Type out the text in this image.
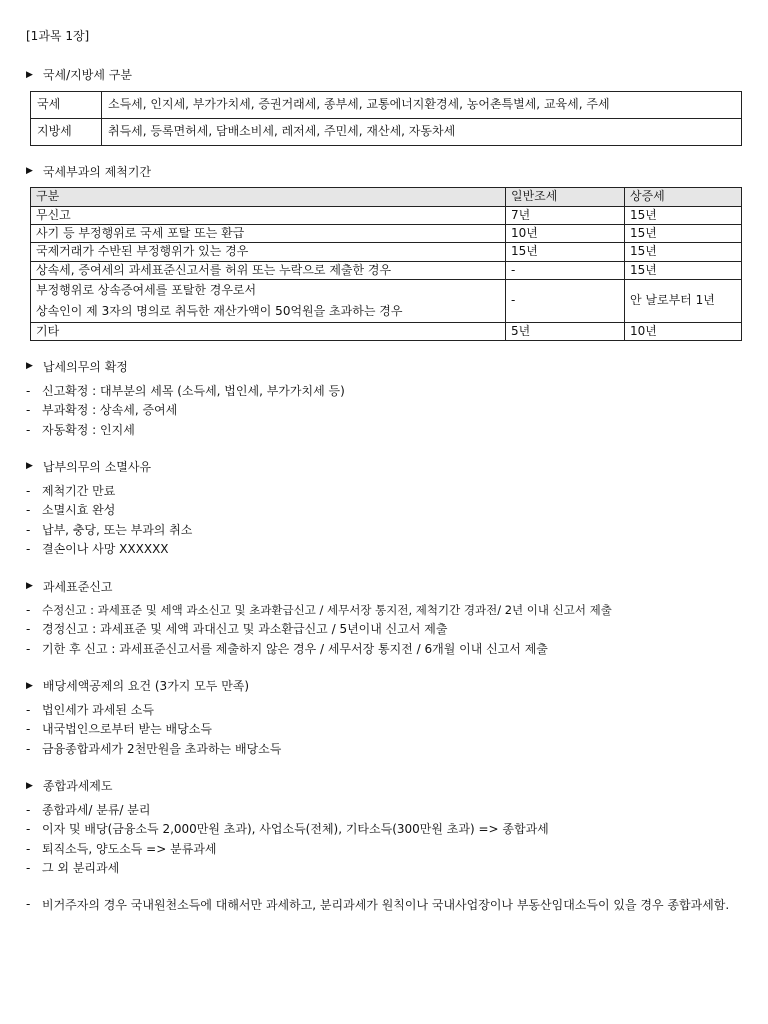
[1과목 1장]
▶ 국세/지방세 구분
국세	소득세, 인지세, 부가가치세, 증권거래세, 종부세, 교통에너지환경세, 농어촌특별세, 교육세, 주세
지방세	취득세, 등록면허세, 담배소비세, 레저세, 주민세, 재산세, 자동차세
▶ 국세부과의 제척기간
구분	일반조세	상증세
무신고	7년	15년
사기 등 부정행위로 국세 포탈 또는 환급	10년	15년
국제거래가 수반된 부정행위가 있는 경우	15년	15년
상속세, 증여세의 과세표준신고서를 허위 또는 누락으로 제출한 경우	-	15년

부정행위로 상속증여세를 포탈한 경우로서
상속인이 제 3자의 명의로 취득한 재산가액이 50억원을 초과하는 경우	-	안 날로부터 1년
기타	5년	10년
▶ 납세의무의 확정
- 신고확정 : 대부분의 세목 (소득세, 법인세, 부가가치세 등)
- 부과확정 : 상속세, 증여세
- 자동확정 : 인지세
▶ 납부의무의 소멸사유
- 제척기간 만료
- 소멸시효 완성
- 납부, 충당, 또는 부과의 취소
- 결손이나 사망 XXXXXX
▶ 과세표준신고
-	수정신고 : 과세표준 및 세액 과소신고 및 초과환급신고 / 세무서장 통지전, 제척기간 경과전/ 2년 이내 신고서 제출
- 경정신고 : 과세표준 및 세액 과대신고 및 과소환급신고 / 5년이내 신고서 제출
- 기한 후 신고 : 과세표준신고서를 제출하지 않은 경우 / 세무서장 통지전 / 6개월 이내 신고서 제출
▶ 배당세액공제의 요건 (3가지 모두 만족)
- 법인세가 과세된 소득
- 내국법인으로부터 받는 배당소득
- 금융종합과세가 2천만원을 초과하는 배당소득
▶ 종합과세제도
- 종합과세/ 분류/ 분리
- 이자 및 배당(금융소득 2,000만원 초과), 사업소득(전체), 기타소득(300만원 초과) => 종합과세
- 퇴직소득, 양도소득 => 분류과세
- 그 외 분리과세
- 비거주자의 경우 국내원천소득에 대해서만 과세하고, 분리과세가 원칙이나 국내사업장이나 부동산임대소득이 있을 경우 종합과세함.
